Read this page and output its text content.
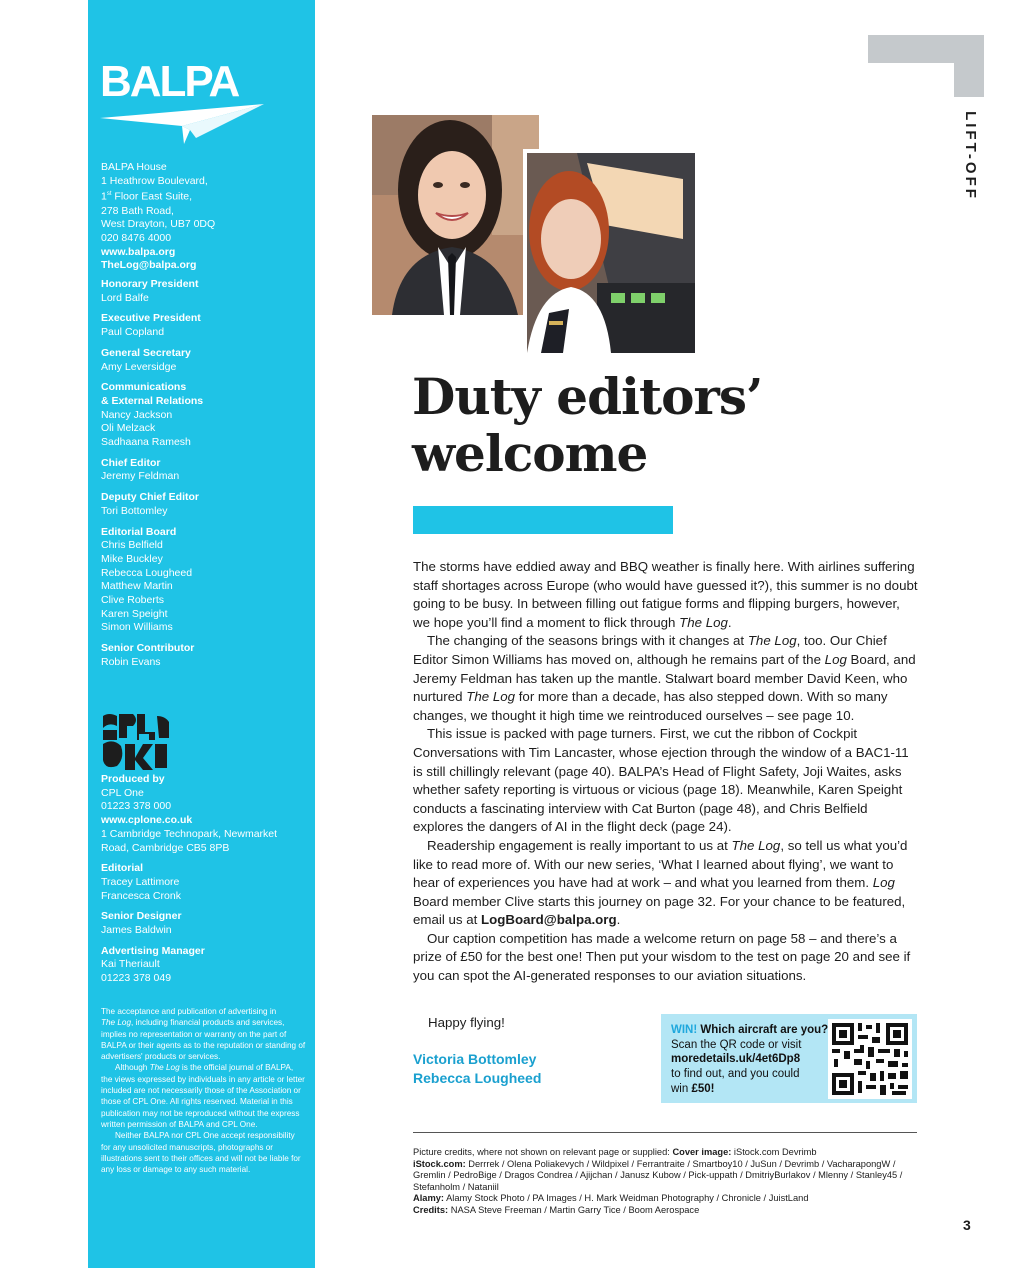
BALPA
BALPA House
1 Heathrow Boulevard,
1st Floor East Suite,
278 Bath Road,
West Drayton, UB7 0DQ
020 8476 4000
www.balpa.org
TheLog@balpa.org
Honorary President
Lord Balfe
Executive President
Paul Copland
General Secretary
Amy Leversidge
Communications
& External Relations
Nancy Jackson
Oli Melzack
Sadhaana Ramesh
Chief Editor
Jeremy Feldman
Deputy Chief Editor
Tori Bottomley
Editorial Board
Chris Belfield
Mike Buckley
Rebecca Lougheed
Matthew Martin
Clive Roberts
Karen Speight
Simon Williams
Senior Contributor
Robin Evans
Produced by
CPL One
01223 378 000
www.cplone.co.uk
1 Cambridge Technopark, Newmarket
Road, Cambridge CB5 8PB
Editorial
Tracey Lattimore
Francesca Cronk
Senior Designer
James Baldwin
Advertising Manager
Kai Theriault
01223 378 049

The acceptance and publication of advertising in

The Log, including financial products and services, implies no representation or warranty on the part of BALPA or their agents as to the reputation or standing of advertisers' products or services.

Although The Log is the official journal of BALPA, the views expressed by individuals in any article or letter included are not necessarily those of the Association or those of CPL One. All rights reserved. Material in this publication may not be reproduced without the express written permission of BALPA and CPL One.

Neither BALPA nor CPL One accept responsibility for any unsolicited manuscripts, photographs or illustrations sent to their offices and will not be liable for any loss or damage to any such material.

LIFT-OFF
Duty editors’
welcome

The storms have eddied away and BBQ weather is finally here. With airlines suffering staff shortages across Europe (who would have guessed it?), this summer is no doubt going to be busy. In between filling out fatigue forms and flipping burgers, however, we hope you’ll find a moment to flick through The Log.

The changing of the seasons brings with it changes at The Log, too. Our Chief Editor Simon Williams has moved on, although he remains part of the Log Board, and Jeremy Feldman has taken up the mantle. Stalwart board member David Keen, who nurtured The Log for more than a decade, has also stepped down. With so many changes, we thought it high time we reintroduced ourselves – see page 10.

This issue is packed with page turners. First, we cut the ribbon of Cockpit Conversations with Tim Lancaster, whose ejection through the window of a BAC1-11 is still chillingly relevant (page 40). BALPA’s Head of Flight Safety, Joji Waites, asks whether safety reporting is virtuous or vicious (page 18). Meanwhile, Karen Speight conducts a fascinating interview with Cat Burton (page 48), and Chris Belfield explores the dangers of AI in the flight deck (page 24).

Readership engagement is really important to us at The Log, so tell us what you’d like to read more of. With our new series, ‘What I learned about flying’, we want to hear of experiences you have had at work – and what you learned from them. Log Board member Clive starts this journey on page 32. For your chance to be featured, email us at LogBoard@balpa.org.

Our caption competition has made a welcome return on page 58 – and there’s a prize of £50 for the best one! Then put your wisdom to the test on page 20 and see if you can spot the AI-generated responses to our aviation situations.

Happy flying!
Victoria Bottomley
Rebecca Lougheed
WIN! Which aircraft are you?
Scan the QR code or visit
moredetails.uk/4et6Dp8
to find out, and you could
win £50!

Picture credits, where not shown on relevant page or supplied: Cover image: iStock.com Devrimb

iStock.com: Derrrek / Olena Poliakevych / Wildpixel / Ferrantraite / Smartboy10 / JuSun / Devrimb / VacharapongW / Gremlin / PedroBige / Dragos Condrea / Ajijchan / Janusz Kubow / Pick-uppath / DmitriyBurlakov / Mlenny / Stanley45 / Stefanholm / Nataniil

Alamy: Alamy Stock Photo / PA Images / H. Mark Weidman Photography / Chronicle / JuistLand

Credits: NASA Steve Freeman / Martin Garry Tice / Boom Aerospace

3
